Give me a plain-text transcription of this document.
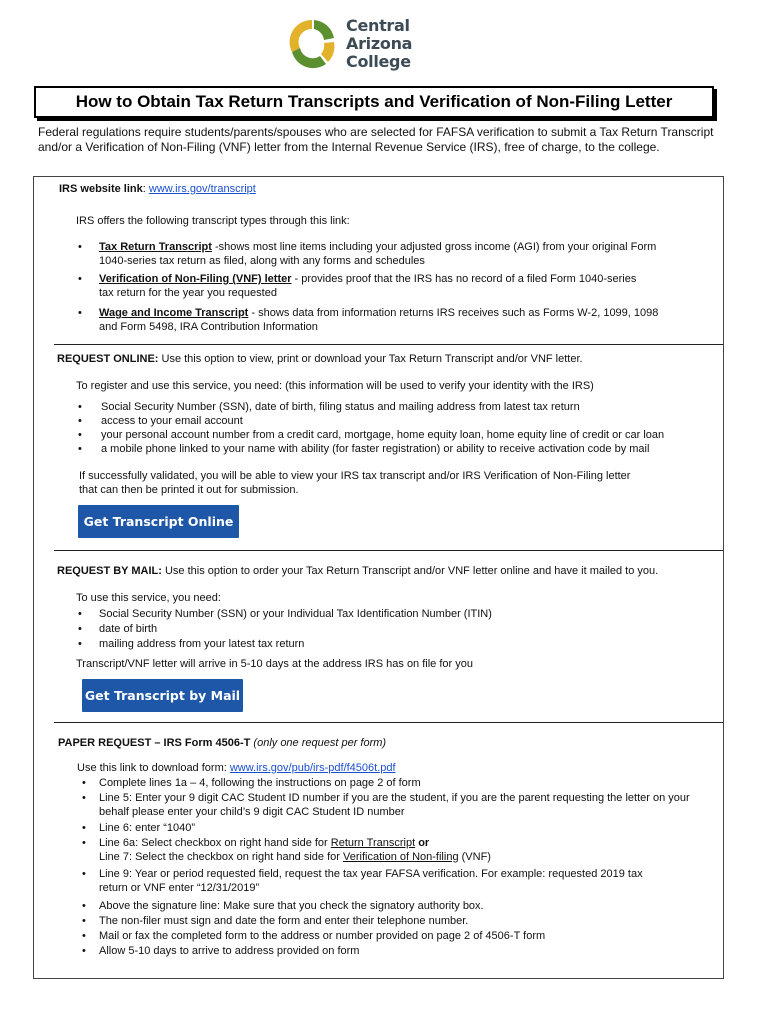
Central
Arizona
College
How to Obtain Tax Return Transcripts and Verification of Non-Filing Letter

Federal regulations require students/parents/spouses who are selected for FAFSA verification to submit a Tax Return Transcript and/or a Verification of Non-Filing (VNF) letter from the Internal Revenue Service (IRS), free of charge, to the college.

IRS website link: www.irs.gov/transcript
IRS offers the following transcript types through this link:
• Tax Return Transcript -shows most line items including your adjusted gross income (AGI) from your original Form
1040-series tax return as filed, along with any forms and schedules
• Verification of Non-Filing (VNF) letter - provides proof that the IRS has no record of a filed Form 1040-series
tax return for the year you requested
• Wage and Income Transcript - shows data from information returns IRS receives such as Forms W-2, 1099, 1098
and Form 5498, IRA Contribution Information
REQUEST ONLINE: Use this option to view, print or download your Tax Return Transcript and/or VNF letter.
To register and use this service, you need: (this information will be used to verify your identity with the IRS)
• Social Security Number (SSN), date of birth, filing status and mailing address from latest tax return
• access to your email account
• your personal account number from a credit card, mortgage, home equity loan, home equity line of credit or car loan
• a mobile phone linked to your name with ability (for faster registration) or ability to receive activation code by mail
If successfully validated, you will be able to view your IRS tax transcript and/or IRS Verification of Non-Filing letter
that can then be printed it out for submission.
Get Transcript Online
REQUEST BY MAIL: Use this option to order your Tax Return Transcript and/or VNF letter online and have it mailed to you.
To use this service, you need:
• Social Security Number (SSN) or your Individual Tax Identification Number (ITIN)
• date of birth
• mailing address from your latest tax return
Transcript/VNF letter will arrive in 5-10 days at the address IRS has on file for you
Get Transcript by Mail
PAPER REQUEST – IRS Form 4506-T (only one request per form)
Use this link to download form: www.irs.gov/pub/irs-pdf/f4506t.pdf
• Complete lines 1a – 4, following the instructions on page 2 of form
• Line 5: Enter your 9 digit CAC Student ID number if you are the student, if you are the parent requesting the letter on your
behalf please enter your child’s 9 digit CAC Student ID number
• Line 6: enter “1040”
• Line 6a: Select checkbox on right hand side for Return Transcript or
Line 7: Select the checkbox on right hand side for Verification of Non-filing (VNF)
• Line 9: Year or period requested field, request the tax year FAFSA verification. For example: requested 2019 tax
return or VNF enter “12/31/2019”
• Above the signature line: Make sure that you check the signatory authority box.
• The non-filer must sign and date the form and enter their telephone number.
• Mail or fax the completed form to the address or number provided on page 2 of 4506-T form
• Allow 5-10 days to arrive to address provided on form
